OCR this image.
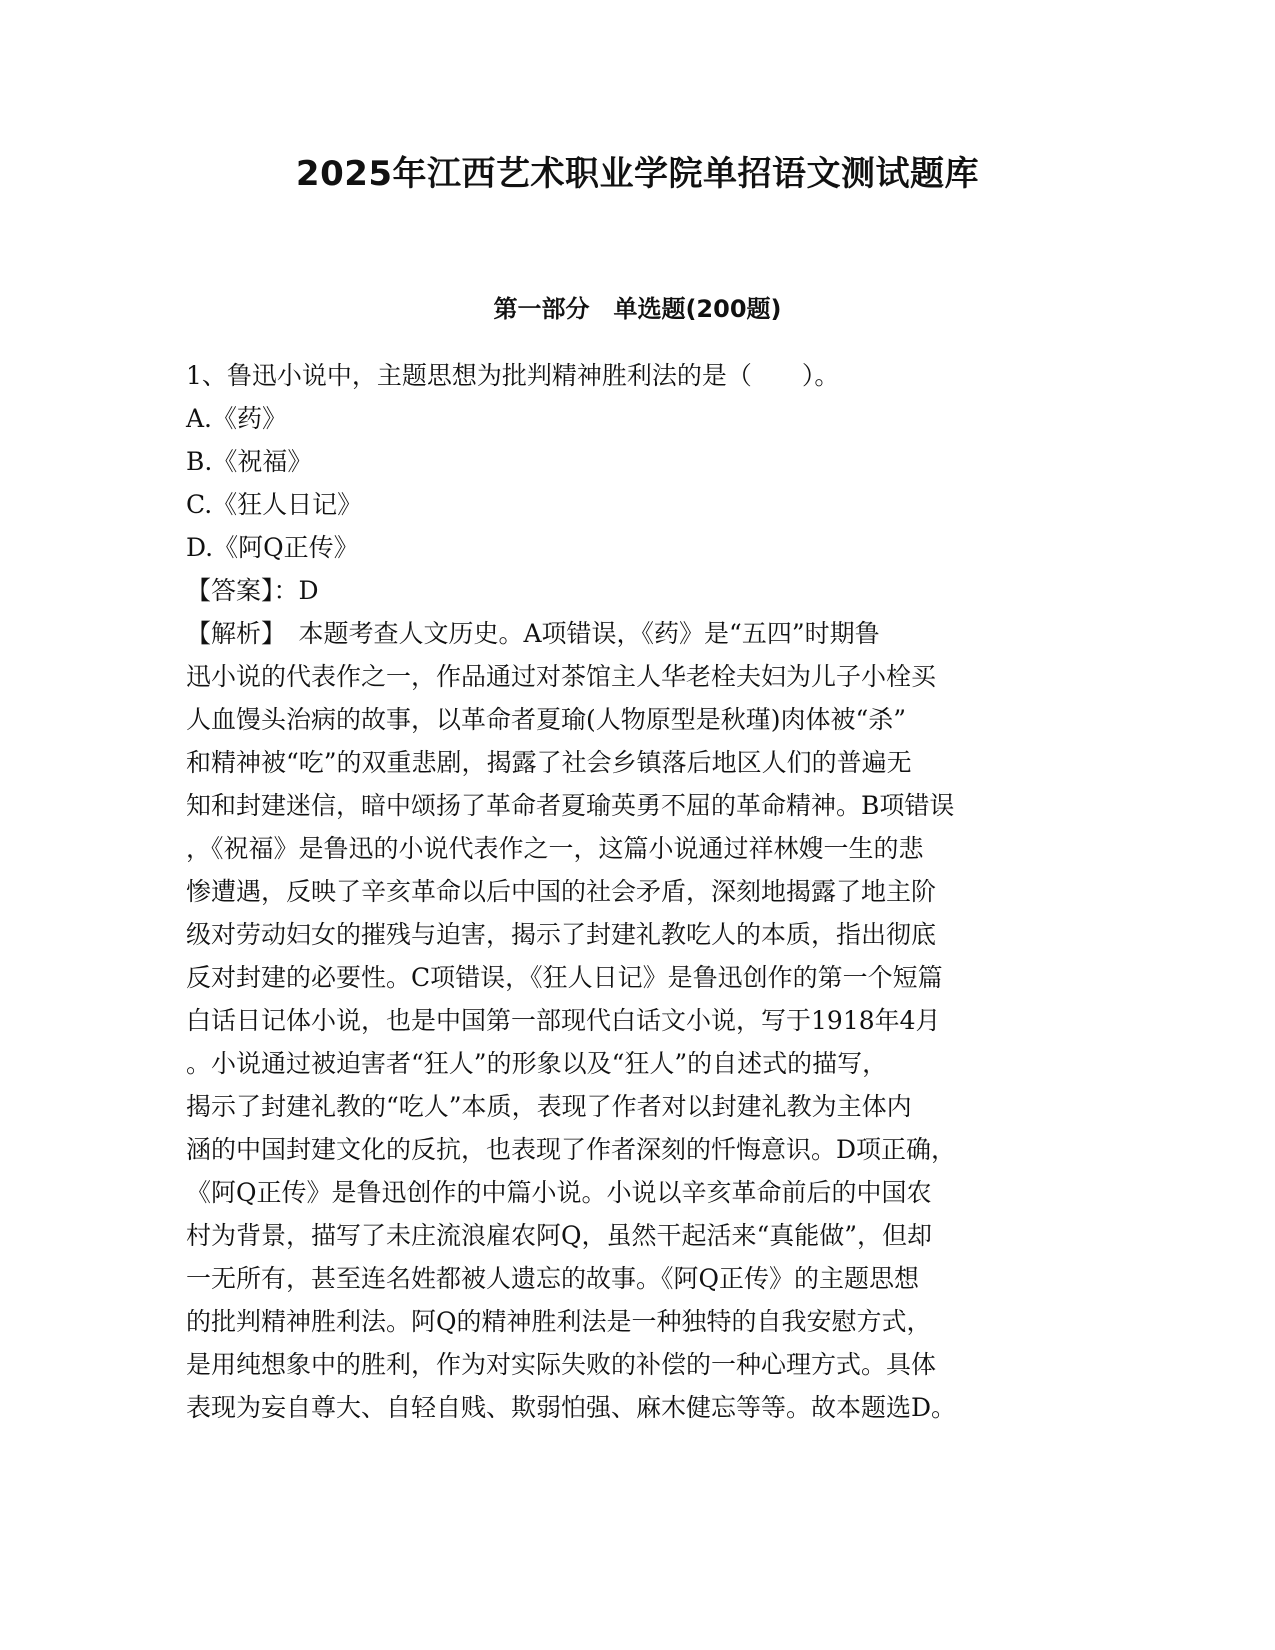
2025年江西艺术职业学院单招语文测试题库
第一部分　单选题(200题)

1、鲁迅小说中，主题思想为批判精神胜利法的是（　　）。

A.《药》

B.《祝福》

C.《狂人日记》

D.《阿Q正传》

【答案】：D

【解析】　本题考查人文历史。A项错误，《药》是“五四”时期鲁

迅小说的代表作之一，作品通过对茶馆主人华老栓夫妇为儿子小栓买

人血馒头治病的故事，以革命者夏瑜(人物原型是秋瑾)肉体被“杀”

和精神被“吃”的双重悲剧，揭露了社会乡镇落后地区人们的普遍无

知和封建迷信，暗中颂扬了革命者夏瑜英勇不屈的革命精神。B项错误

，《祝福》是鲁迅的小说代表作之一，这篇小说通过祥林嫂一生的悲

惨遭遇，反映了辛亥革命以后中国的社会矛盾，深刻地揭露了地主阶

级对劳动妇女的摧残与迫害，揭示了封建礼教吃人的本质，指出彻底

反对封建的必要性。C项错误，《狂人日记》是鲁迅创作的第一个短篇

白话日记体小说，也是中国第一部现代白话文小说，写于1918年4月

。小说通过被迫害者“狂人”的形象以及“狂人”的自述式的描写，

揭示了封建礼教的“吃人”本质，表现了作者对以封建礼教为主体内

涵的中国封建文化的反抗，也表现了作者深刻的忏悔意识。D项正确，

《阿Q正传》是鲁迅创作的中篇小说。小说以辛亥革命前后的中国农

村为背景，描写了未庄流浪雇农阿Q，虽然干起活来“真能做”，但却

一无所有，甚至连名姓都被人遗忘的故事。《阿Q正传》的主题思想

的批判精神胜利法。阿Q的精神胜利法是一种独特的自我安慰方式，

是用纯想象中的胜利，作为对实际失败的补偿的一种心理方式。具体

表现为妄自尊大、自轻自贱、欺弱怕强、麻木健忘等等。故本题选D。
